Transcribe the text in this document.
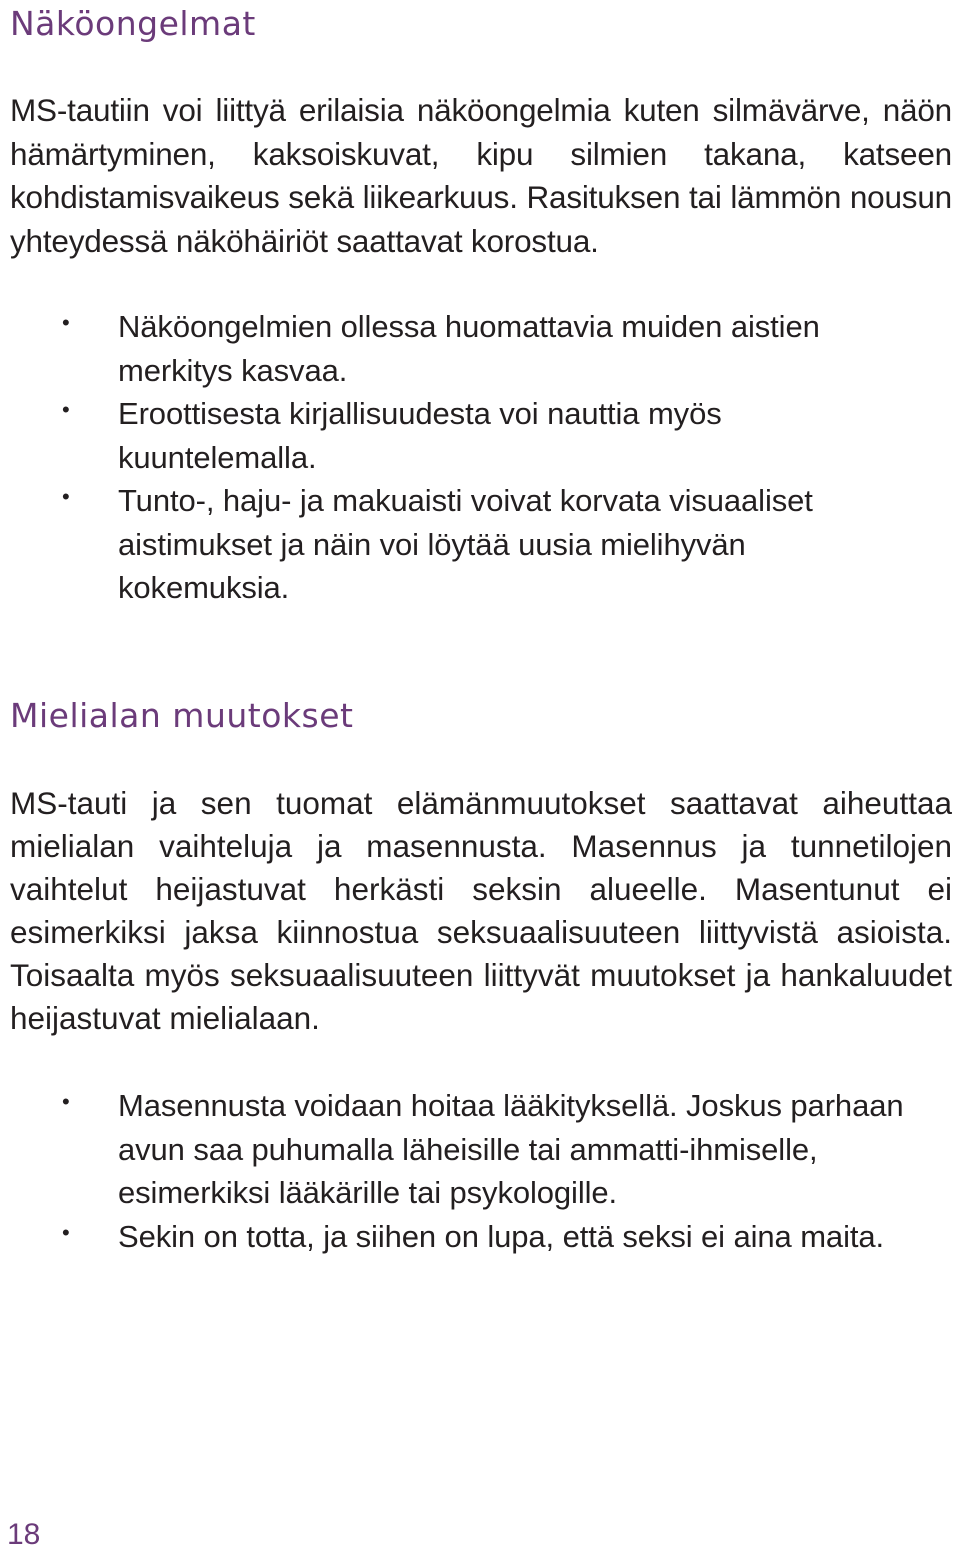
Näköongelmat

MS-tautiin voi liittyä erilaisia näköongelmia kuten silmävärve, näön hämärtyminen, kaksoiskuvat, kipu silmien takana, katseen kohdistamisvaikeus sekä liikearkuus. Rasituksen tai lämmön nousun yhteydessä näköhäiriöt saattavat korostua.

• Näköongelmien ollessa huomattavia muiden aistien merkitys kasvaa.
• Eroottisesta kirjallisuudesta voi nauttia myös kuuntelemalla.
• Tunto-, haju- ja makuaisti voivat korvata visuaaliset aistimukset ja näin voi löytää uusia mielihyvän kokemuksia.
Mielialan muutokset

MS-tauti ja sen tuomat elämänmuutokset saattavat aiheuttaa mielialan vaihteluja ja masennusta. Masennus ja tunnetilojen vaihtelut heijastuvat herkästi seksin alueelle. Masentunut ei esimerkiksi jaksa kiinnostua seksuaalisuuteen liittyvistä asioista. Toisaalta myös seksuaalisuuteen liittyvät muutokset ja hankaluudet heijastuvat mielialaan.

• Masennusta voidaan hoitaa lääkityksellä. Joskus parhaan avun saa puhumalla läheisille tai ammatti-ihmiselle, esimerkiksi lääkärille tai psykologille.
• Sekin on totta, ja siihen on lupa, että seksi ei aina maita.
18
